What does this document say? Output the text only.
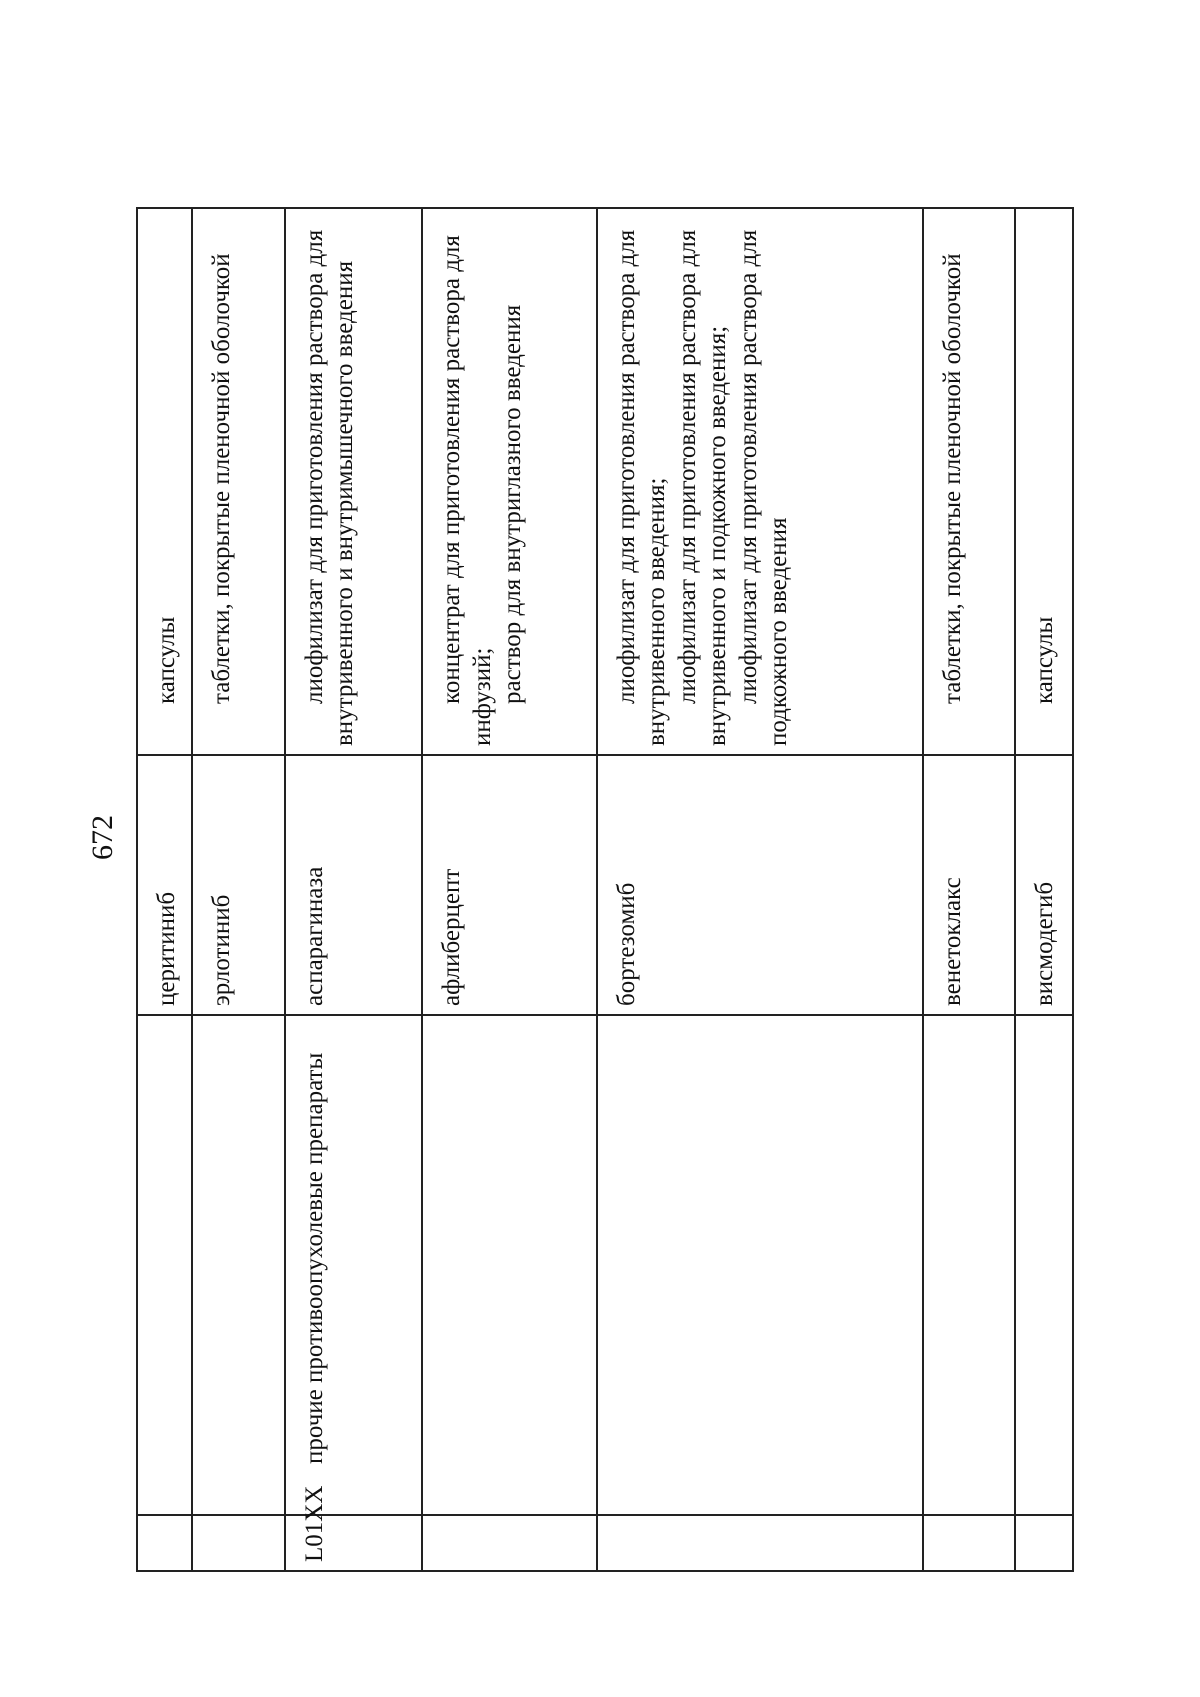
672
		церитиниб	капсулы

		эрлотиниб	таблетки, покрытые пленочной оболочкой

L01XX	прочие противоопухолевые препараты	аспарагиназа	лиофилизат для приготовления раствора для внутривенного и внутримышечного введения

		афлиберцепт	концентрат для приготовления раствора для инфузий; раствор для внутриглазного введения

		бортезомиб	лиофилизат для приготовления раствора для внутривенного введения; лиофилизат для приготовления раствора для внутривенного и подкожного введения; лиофилизат для приготовления раствора для подкожного введения

		венетоклакс	таблетки, покрытые пленочной оболочкой

		висмодегиб	капсулы
